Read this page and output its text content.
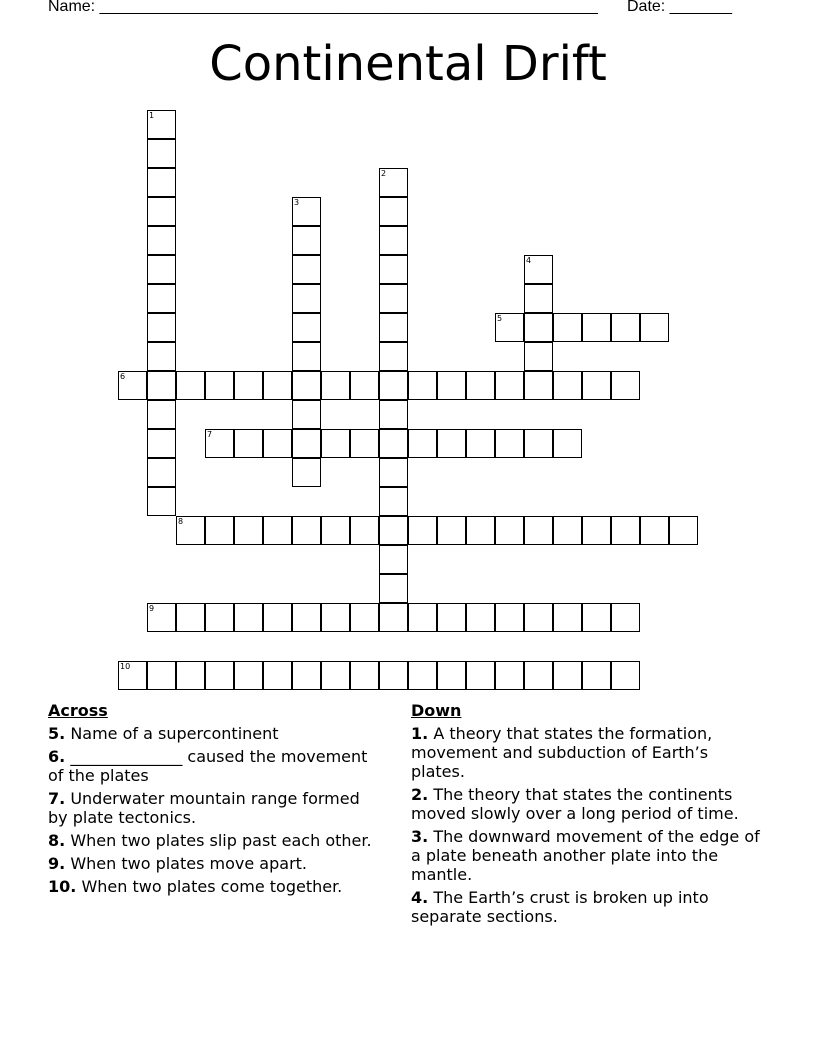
Name: ________________________________________________________ Date: _______
Continental Drift
1
2
3
4
5
6
7
8
9
10
Across
5. Name of a supercontinent
6. ______________ caused the movement of the plates
7. Underwater mountain range formed by plate tectonics.
8. When two plates slip past each other.
9. When two plates move apart.
10. When two plates come together.
Down
1. A theory that states the formation, movement and subduction of Earth’s plates.
2. The theory that states the continents moved slowly over a long period of time.
3. The downward movement of the edge of a plate beneath another plate into the mantle.
4. The Earth’s crust is broken up into separate sections.
